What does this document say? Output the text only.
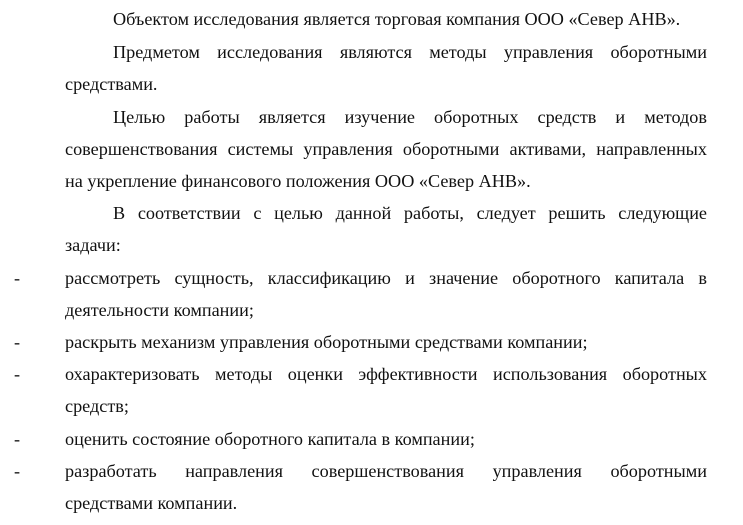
Объектом исследования является торговая компания ООО «Север АНВ».
Предметом исследования являются методы управления оборотными
средствами.
Целью работы является изучение оборотных средств и методов
совершенствования системы управления оборотными активами, направленных
на укрепление финансового положения ООО «Север АНВ».
В соответствии с целью данной работы, следует решить следующие
задачи:
- рассмотреть сущность, классификацию и значение оборотного капитала в
деятельности компании;
- раскрыть механизм управления оборотными средствами компании;
- охарактеризовать методы оценки эффективности использования оборотных
средств;
- оценить состояние оборотного капитала в компании;
- разработать направления совершенствования управления оборотными
средствами компании.
